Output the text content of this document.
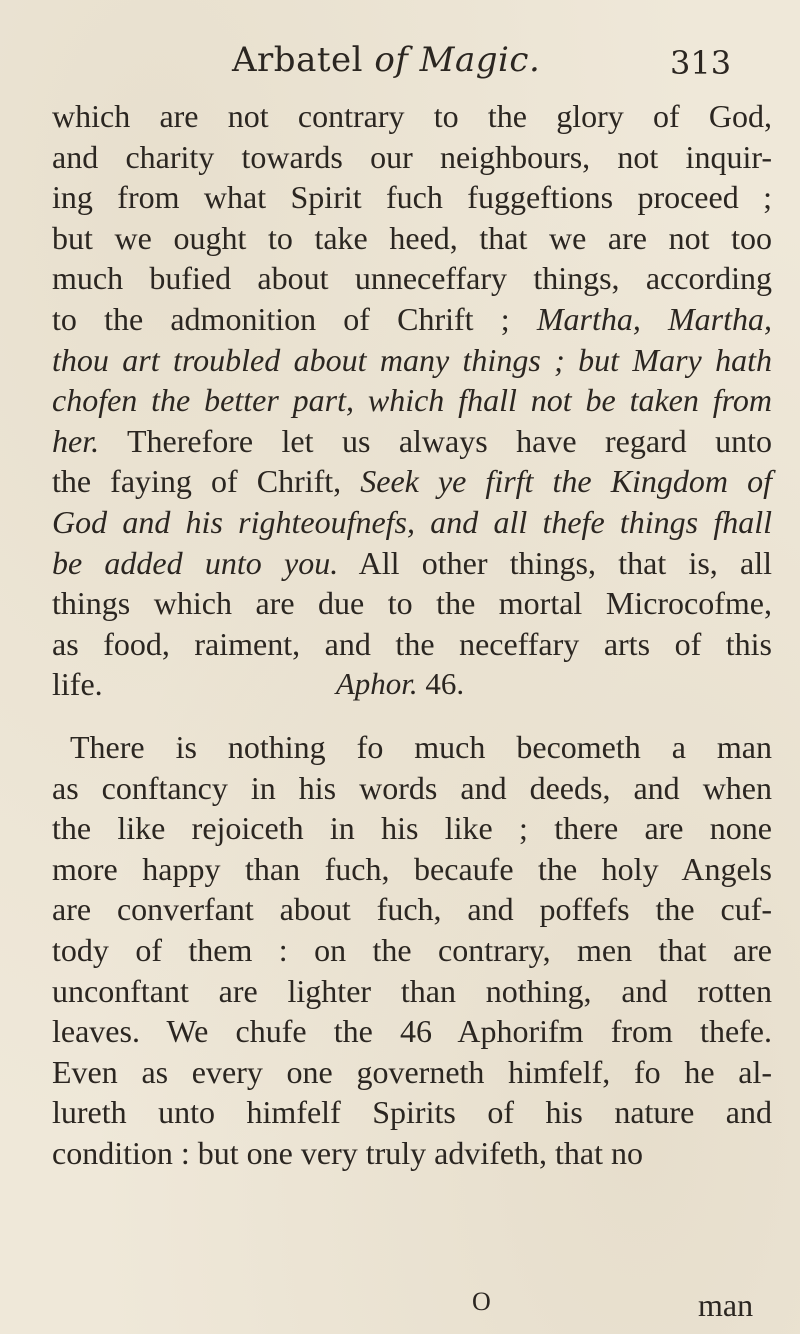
Arbatel of Magic.	313
which are not contrary to the glory of God,
and charity towards our neighbours, not inquir-
ing from what Spirit fuch fuggeftions proceed ;
but we ought to take heed, that we are not too
much bufied about unneceffary things, according
to the admonition of Chrift ; Martha, Martha,
thou art troubled about many things ; but Mary hath
chofen the better part, which fhall not be taken from
her. Therefore let us always have regard unto
the faying of Chrift, Seek ye firft the Kingdom of
God and his righteoufnefs, and all thefe things fhall
be added unto you. All other things, that is, all
things which are due to the mortal Microcofme,
as food, raiment, and the neceffary arts of this
life.	Aphor. 46.
There is nothing fo much becometh a man
as conftancy in his words and deeds, and when
the like rejoiceth in his like ; there are none
more happy than fuch, becaufe the holy Angels
are converfant about fuch, and poffefs the cuf-
tody of them : on the contrary, men that are
unconftant are lighter than nothing, and rotten
leaves. We chufe the 46 Aphorifm from thefe.
Even as every one governeth himfelf, fo he al-
lureth unto himfelf Spirits of his nature and
condition : but one very truly advifeth, that no
O	man
